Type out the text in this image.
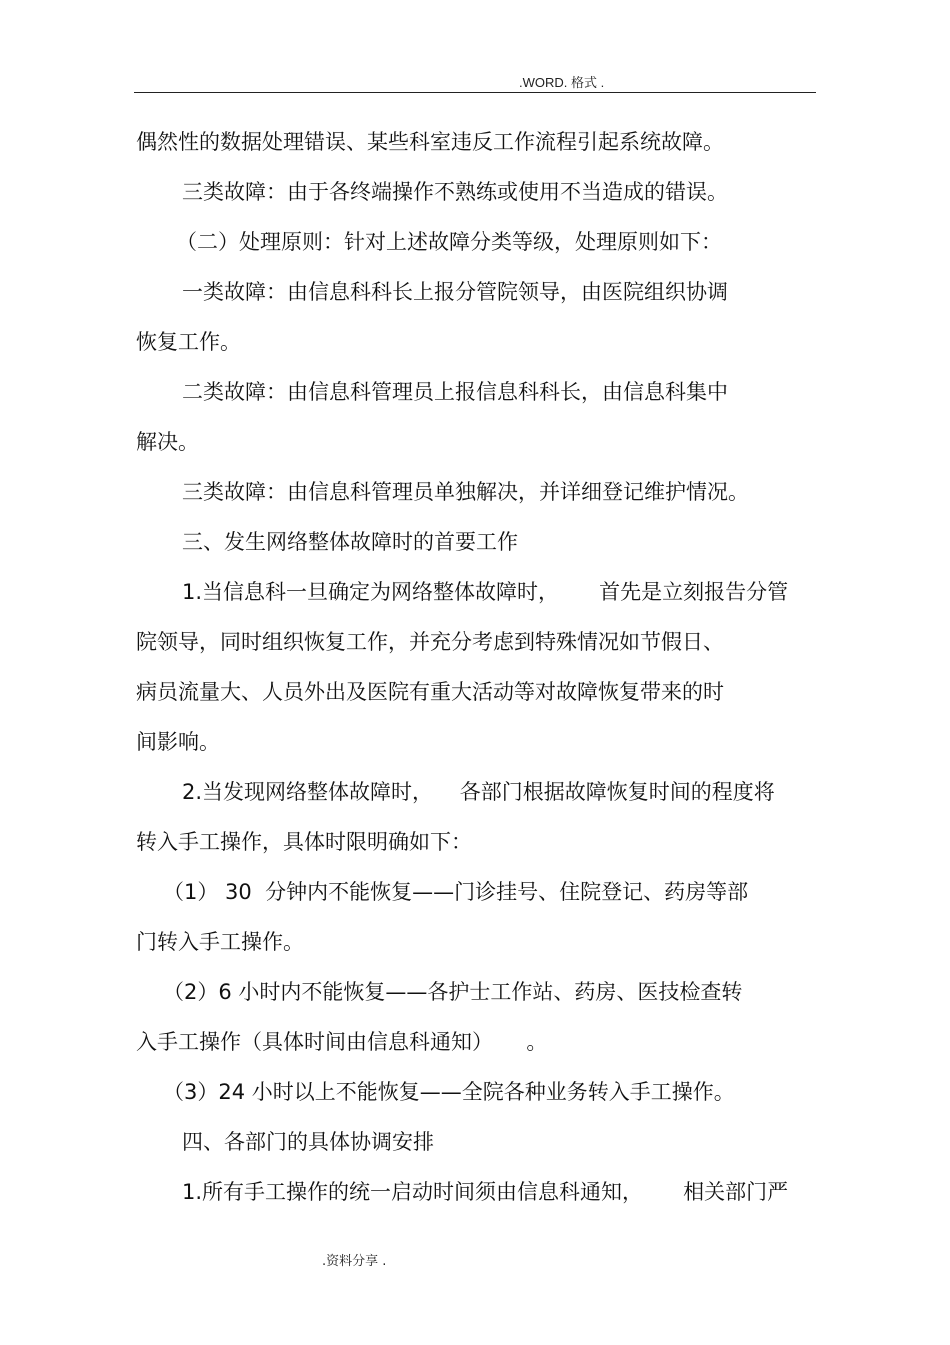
.WORD. 格式 .
偶然性的数据处理错误、某些科室违反工作流程引起系统故障。
三类故障：由于各终端操作不熟练或使用不当造成的错误。
（二）处理原则：针对上述故障分类等级，处理原则如下：
一类故障：由信息科科长上报分管院领导，由医院组织协调
恢复工作。
二类故障：由信息科管理员上报信息科科长，由信息科集中
解决。
三类故障：由信息科管理员单独解决，并详细登记维护情况。
三、发生网络整体故障时的首要工作
1.当信息科一旦确定为网络整体故障时，      首先是立刻报告分管
院领导，同时组织恢复工作，并充分考虑到特殊情况如节假日、
病员流量大、人员外出及医院有重大活动等对故障恢复带来的时
间影响。
2.当发现网络整体故障时，    各部门根据故障恢复时间的程度将
转入手工操作，具体时限明确如下：
（1） 30  分钟内不能恢复——门诊挂号、住院登记、药房等部
门转入手工操作。
（2）6 小时内不能恢复——各护士工作站、药房、医技检查转
入手工操作（具体时间由信息科通知）     。
（3）24 小时以上不能恢复——全院各种业务转入手工操作。
四、各部门的具体协调安排
1.所有手工操作的统一启动时间须由信息科通知，      相关部门严
.资料分享 .
